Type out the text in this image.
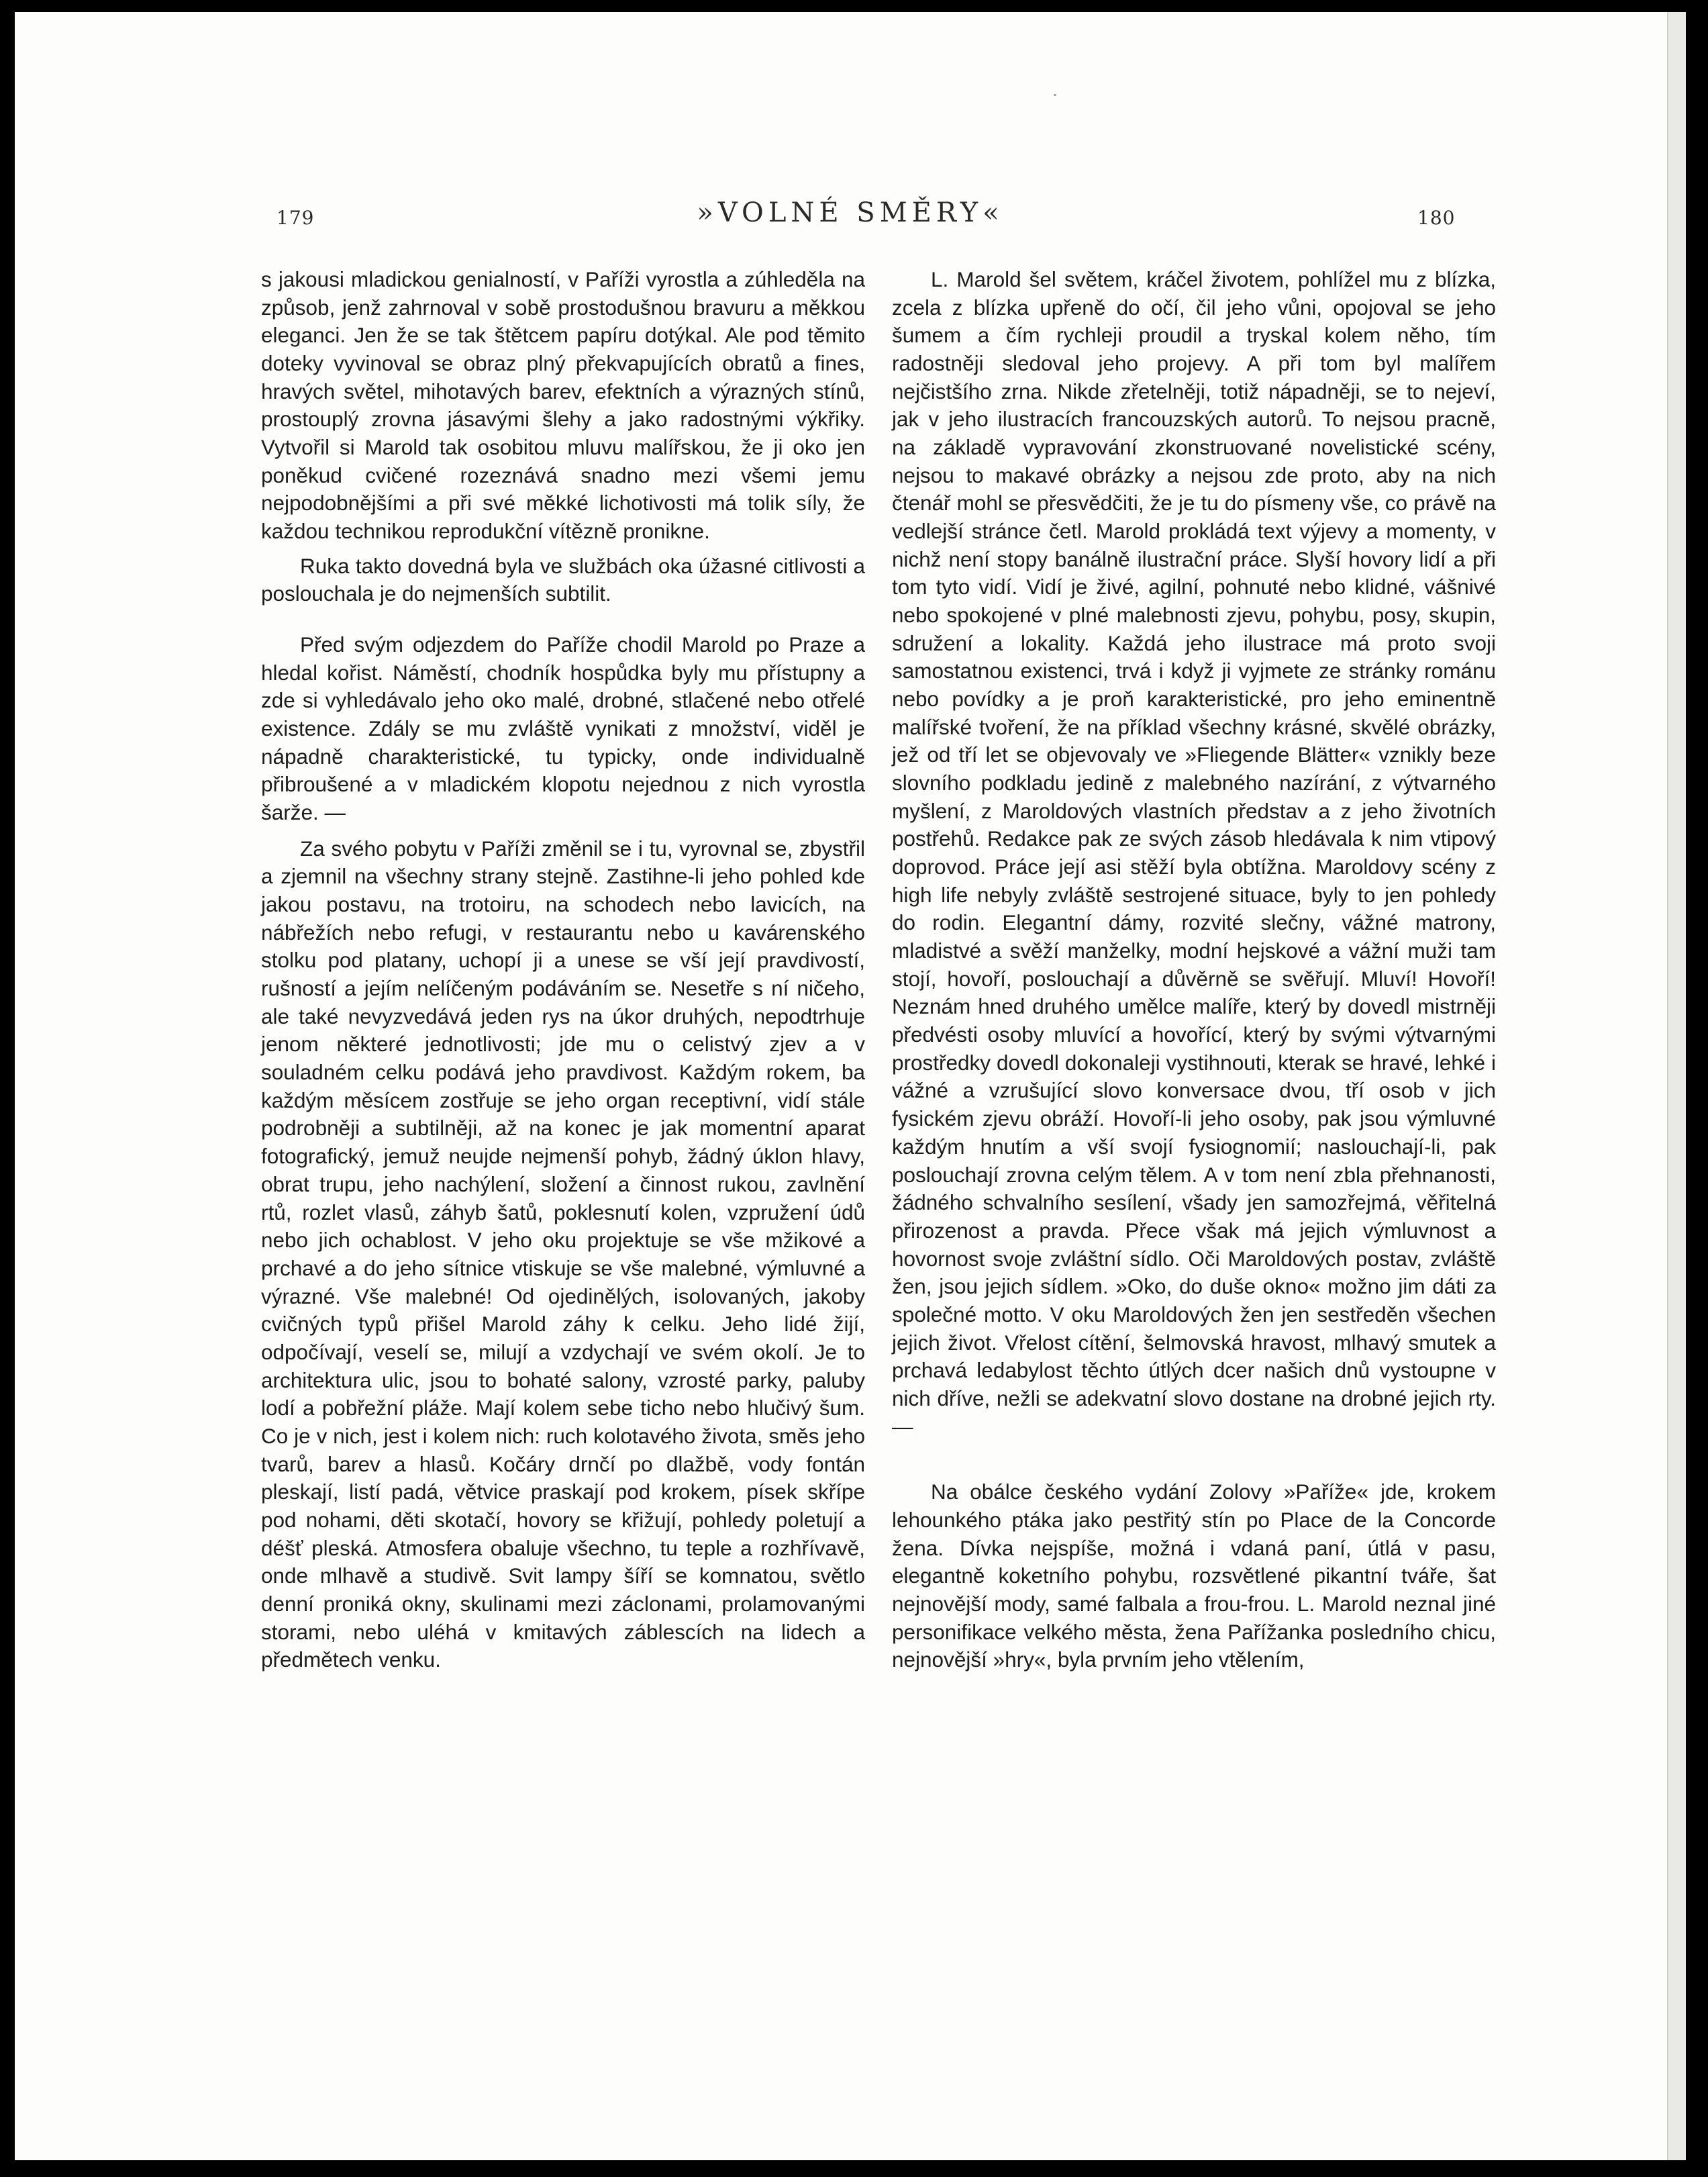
179	»VOLNÉ SMĚRY«	180

s jakousi mladickou genialností, v Paříži vyrostla a zúhleděla na způsob, jenž zahrnoval v sobě prostodušnou bravuru a měkkou eleganci. Jen že se tak štětcem papíru dotýkal. Ale pod těmito doteky vyvinoval se obraz plný překvapujících obratů a fines, hravých světel, mihotavých barev, efektních a výrazných stínů, prostouplý zrovna jásavými šlehy a jako radostnými výkřiky. Vytvořil si Marold tak osobitou mluvu malířskou, že ji oko jen poněkud cvičené rozeznává snadno mezi všemi jemu nejpodobnějšími a při své měkké lichotivosti má tolik síly, že každou technikou reprodukční vítězně pronikne.

Ruka takto dovedná byla ve službách oka úžasné citlivosti a poslouchala je do nejmenších subtilit.

Před svým odjezdem do Paříže chodil Marold po Praze a hledal kořist. Náměstí, chodník hospůdka byly mu přístupny a zde si vyhledávalo jeho oko malé, drobné, stlačené nebo otřelé existence. Zdály se mu zvláště vynikati z množství, viděl je nápadně charakteristické, tu typicky, onde individualně přibroušené a v mladickém klopotu nejednou z nich vyrostla šarže. —

Za svého pobytu v Paříži změnil se i tu, vyrovnal se, zbystřil a zjemnil na všechny strany stejně. Zastihne-li jeho pohled kde jakou postavu, na trotoiru, na schodech nebo lavicích, na nábřežích nebo refugi, v restaurantu nebo u kavárenského stolku pod platany, uchopí ji a unese se vší její pravdivostí, rušností a jejím nelíčeným podáváním se. Nesetře s ní ničeho, ale také nevyzvedává jeden rys na úkor druhých, nepodtrhuje jenom některé jednotlivosti; jde mu o celistvý zjev a v souladném celku podává jeho pravdivost. Každým rokem, ba každým měsícem zostřuje se jeho organ receptivní, vidí stále podrobněji a subtilněji, až na konec je jak momentní aparat fotografický, jemuž neujde nejmenší pohyb, žádný úklon hlavy, obrat trupu, jeho nachýlení, složení a činnost rukou, zavlnění rtů, rozlet vlasů, záhyb šatů, poklesnutí kolen, vzpružení údů nebo jich ochablost. V jeho oku projektuje se vše mžikové a prchavé a do jeho sítnice vtiskuje se vše malebné, výmluvné a výrazné. Vše malebné! Od ojedinělých, isolovaných, jakoby cvičných typů přišel Marold záhy k celku. Jeho lidé žijí, odpočívají, veselí se, milují a vzdychají ve svém okolí. Je to architektura ulic, jsou to bohaté salony, vzrosté parky, paluby lodí a pobřežní pláže. Mají kolem sebe ticho nebo hlučivý šum. Co je v nich, jest i kolem nich: ruch kolotavého života, směs jeho tvarů, barev a hlasů. Kočáry drnčí po dlažbě, vody fontán pleskají, listí padá, větvice praskají pod krokem, písek skřípe pod nohami, děti skotačí, hovory se křižují, pohledy poletují a déšť pleská. Atmosfera obaluje všechno, tu teple a rozhřívavě, onde mlhavě a studivě. Svit lampy šíří se komnatou, světlo denní proniká okny, skulinami mezi záclonami, prolamovanými storami, nebo uléhá v kmitavých záblescích na lidech a předmětech venku.

L. Marold šel světem, kráčel životem, pohlížel mu z blízka, zcela z blízka upřeně do očí, čil jeho vůni, opojoval se jeho šumem a čím rychleji proudil a tryskal kolem něho, tím radostněji sledoval jeho projevy. A při tom byl malířem nejčistšího zrna. Nikde zřetelněji, totiž nápadněji, se to nejeví, jak v jeho ilustracích francouzských autorů. To nejsou pracně, na základě vypravování zkonstruované novelistické scény, nejsou to makavé obrázky a nejsou zde proto, aby na nich čtenář mohl se přesvědčiti, že je tu do písmeny vše, co právě na vedlejší stránce četl. Marold prokládá text výjevy a momenty, v nichž není stopy banálně ilustrační práce. Slyší hovory lidí a při tom tyto vidí. Vidí je živé, agilní, pohnuté nebo klidné, vášnivé nebo spokojené v plné malebnosti zjevu, pohybu, posy, skupin, sdružení a lokality. Každá jeho ilustrace má proto svoji samostatnou existenci, trvá i když ji vyjmete ze stránky románu nebo povídky a je proň karakteristické, pro jeho eminentně malířské tvoření, že na příklad všechny krásné, skvělé obrázky, jež od tří let se objevovaly ve »Fliegende Blätter« vznikly beze slovního podkladu jedině z malebného nazírání, z výtvarného myšlení, z Maroldových vlastních představ a z jeho životních postřehů. Redakce pak ze svých zásob hledávala k nim vtipový doprovod. Práce její asi stěží byla obtížna. Maroldovy scény z high life nebyly zvláště sestrojené situace, byly to jen pohledy do rodin. Elegantní dámy, rozvité slečny, vážné matrony, mladistvé a svěží manželky, modní hejskové a vážní muži tam stojí, hovoří, poslouchají a důvěrně se svěřují. Mluví! Hovoří! Neznám hned druhého umělce malíře, který by dovedl mistrněji předvésti osoby mluvící a hovořící, který by svými výtvarnými prostředky dovedl dokonaleji vystihnouti, kterak se hravé, lehké i vážné a vzrušující slovo konversace dvou, tří osob v jich fysickém zjevu obráží. Hovoří-li jeho osoby, pak jsou výmluvné každým hnutím a vší svojí fysiognomií; naslouchají-li, pak poslouchají zrovna celým tělem. A v tom není zbla přehnanosti, žádného schvalního sesílení, všady jen samozřejmá, věřitelná přirozenost a pravda. Přece však má jejich výmluvnost a hovornost svoje zvláštní sídlo. Oči Maroldových postav, zvláště žen, jsou jejich sídlem. »Oko, do duše okno« možno jim dáti za společné motto. V oku Maroldových žen jen sestředěn všechen jejich život. Vřelost cítění, šelmovská hravost, mlhavý smutek a prchavá ledabylost těchto útlých dcer našich dnů vystoupne v nich dříve, nežli se adekvatní slovo dostane na drobné jejich rty. —

Na obálce českého vydání Zolovy »Paříže« jde, krokem lehounkého ptáka jako pestřitý stín po Place de la Concorde žena. Dívka nejspíše, možná i vdaná paní, útlá v pasu, elegantně koketního pohybu, rozsvětlené pikantní tváře, šat nejnovější mody, samé falbala a frou-frou. L. Marold neznal jiné personifikace velkého města, žena Pařížanka posledního chicu, nejnovější »hry«, byla prvním jeho vtělením,
